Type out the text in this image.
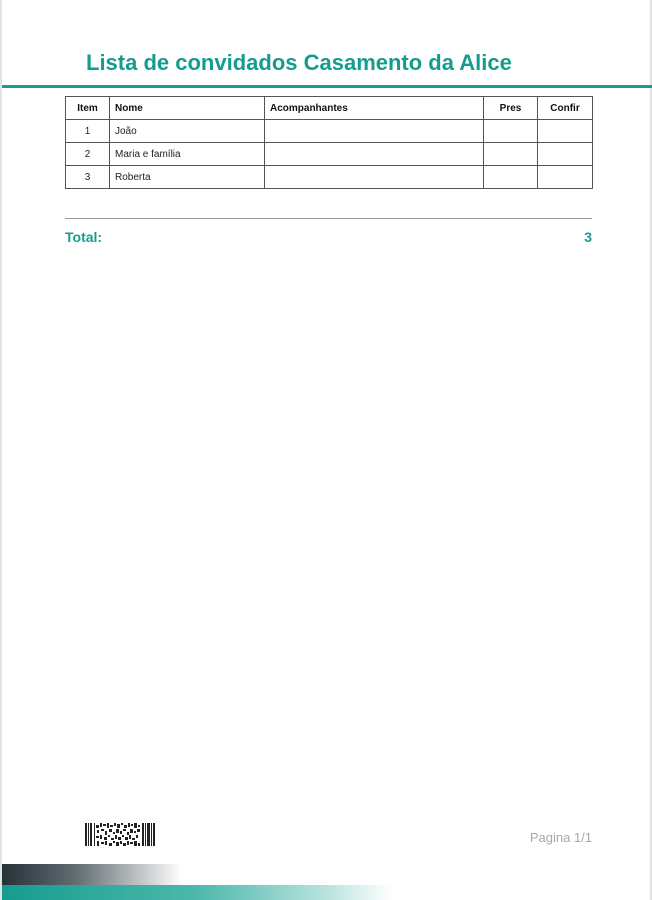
Lista de convidados Casamento da Alice
Item	Nome	Acompanhantes	Pres	Confir
1	João			
2	Maria e família			
3	Roberta			
Total:	3
Pagina 1/1
